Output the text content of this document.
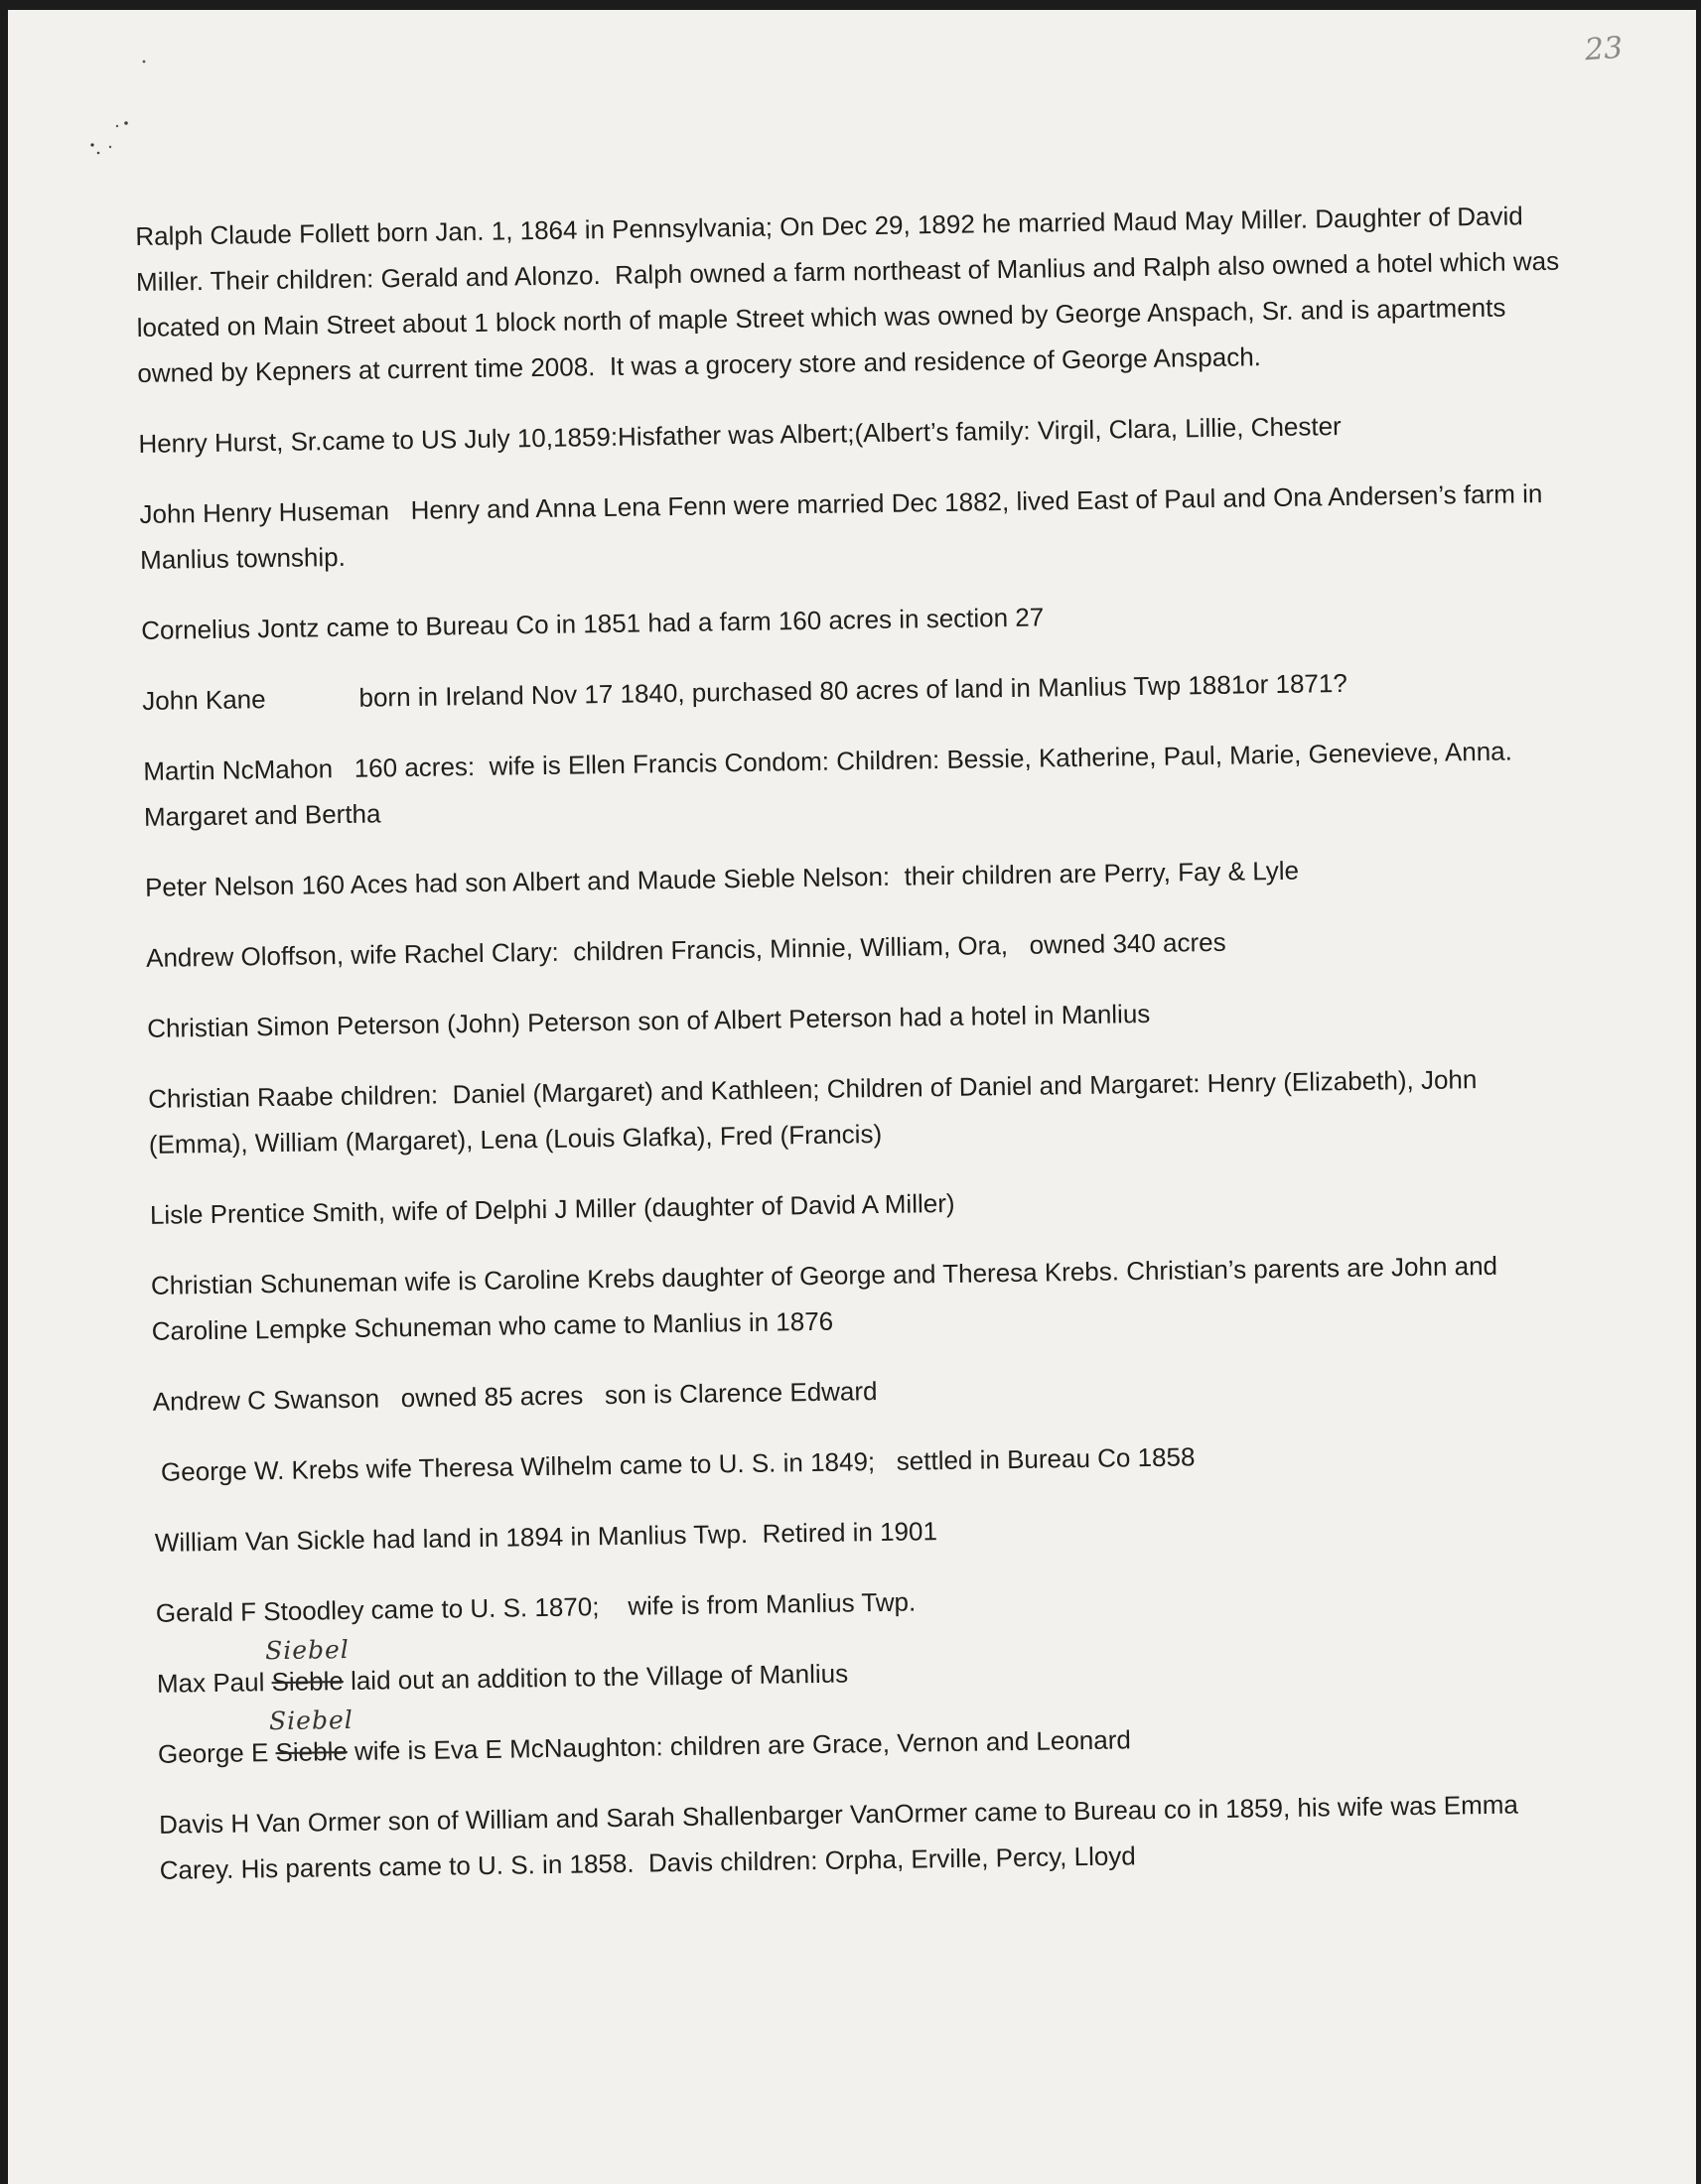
23

Ralph Claude Follett born Jan. 1, 1864 in Pennsylvania; On Dec 29, 1892 he married Maud May Miller. Daughter of David Miller. Their children: Gerald and Alonzo.  Ralph owned a farm northeast of Manlius and Ralph also owned a hotel which was located on Main Street about 1 block north of maple Street which was owned by George Anspach, Sr. and is apartments owned by Kepners at current time 2008.  It was a grocery store and residence of George Anspach.

Henry Hurst, Sr.came to US July 10,1859:Hisfather was Albert;(Albert’s family: Virgil, Clara, Lillie, Chester

John Henry Huseman   Henry and Anna Lena Fenn were married Dec 1882, lived East of Paul and Ona Andersen’s farm in Manlius township.

Cornelius Jontz came to Bureau Co in 1851 had a farm 160 acres in section 27

John Kane             born in Ireland Nov 17 1840, purchased 80 acres of land in Manlius Twp 1881or 1871?

Martin NcMahon   160 acres:  wife is Ellen Francis Condom: Children: Bessie, Katherine, Paul, Marie, Genevieve, Anna. Margaret and Bertha

Peter Nelson 160 Aces had son Albert and Maude Sieble Nelson:  their children are Perry, Fay & Lyle

Andrew Oloffson, wife Rachel Clary:  children Francis, Minnie, William, Ora,   owned 340 acres

Christian Simon Peterson (John) Peterson son of Albert Peterson had a hotel in Manlius

Christian Raabe children:  Daniel (Margaret) and Kathleen; Children of Daniel and Margaret: Henry (Elizabeth), John (Emma), William (Margaret), Lena (Louis Glafka), Fred (Francis)

Lisle Prentice Smith, wife of Delphi J Miller (daughter of David A Miller)

Christian Schuneman wife is Caroline Krebs daughter of George and Theresa Krebs. Christian’s parents are John and Caroline Lempke Schuneman who came to Manlius in 1876

Andrew C Swanson   owned 85 acres   son is Clarence Edward

George W. Krebs wife Theresa Wilhelm came to U. S. in 1849;   settled in Bureau Co 1858

William Van Sickle had land in 1894 in Manlius Twp.  Retired in 1901

Gerald F Stoodley came to U. S. 1870;    wife is from Manlius Twp.

Max Paul
Siebel
Sieble laid out an addition to the Village of Manlius

George E
Siebel
Sieble wife is Eva E McNaughton: children are Grace, Vernon and Leonard

Davis H Van Ormer son of William and Sarah Shallenbarger VanOrmer came to Bureau co in 1859, his wife was Emma Carey. His parents came to U. S. in 1858.  Davis children: Orpha, Erville, Percy, Lloyd
